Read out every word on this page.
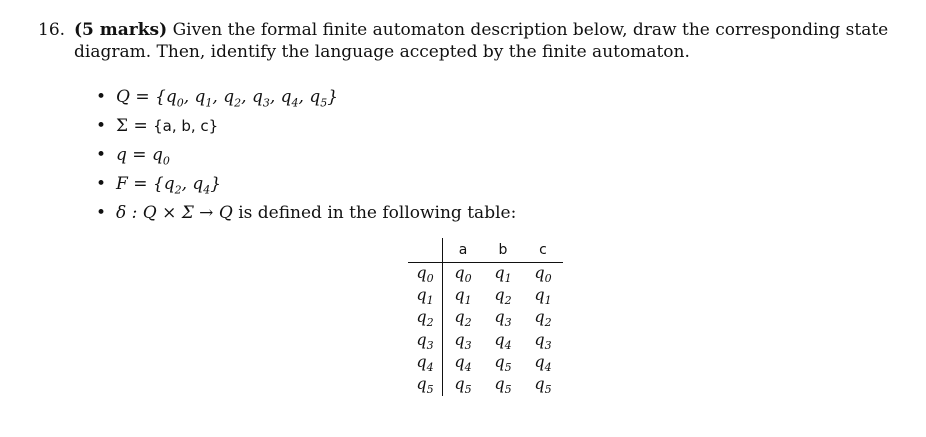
16. (5 marks) Given the formal finite automaton description below, draw the corresponding state
diagram. Then, identify the language accepted by the finite automaton.
• $Q = \{q_0$, $q_1$, $q_2$, $q_3$, $q_4$, $q_5$}
• Σ = {a, b, c}
• $q = q_0$
• $F = \{q_2$, $q_4$}
• δ : Q × Σ → Q is defined in the following table:
	a	b	c
$q_0$	$q_0$	$q_1$	$q_0$
$q_1$	$q_1$	$q_2$	$q_1$
$q_2$	$q_2$	$q_3$	$q_2$
$q_3$	$q_3$	$q_4$	$q_3$
$q_4$	$q_4$	$q_5$	$q_4$
$q_5$	$q_5$	$q_5$	$q_5$
